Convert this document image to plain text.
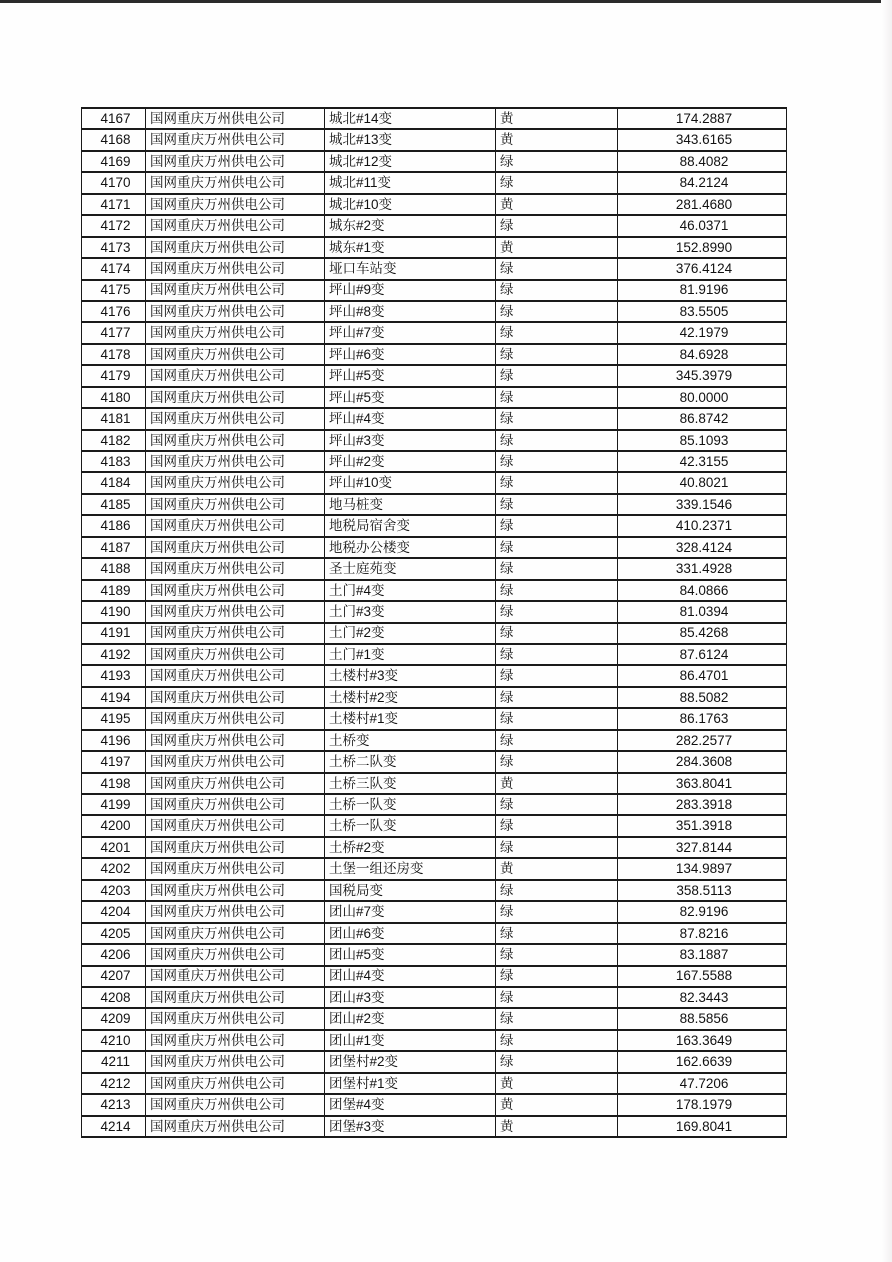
4167	国网重庆万州供电公司	城北#14变	黄	174.2887
4168	国网重庆万州供电公司	城北#13变	黄	343.6165
4169	国网重庆万州供电公司	城北#12变	绿	88.4082
4170	国网重庆万州供电公司	城北#11变	绿	84.2124
4171	国网重庆万州供电公司	城北#10变	黄	281.4680
4172	国网重庆万州供电公司	城东#2变	绿	46.0371
4173	国网重庆万州供电公司	城东#1变	黄	152.8990
4174	国网重庆万州供电公司	垭口车站变	绿	376.4124
4175	国网重庆万州供电公司	坪山#9变	绿	81.9196
4176	国网重庆万州供电公司	坪山#8变	绿	83.5505
4177	国网重庆万州供电公司	坪山#7变	绿	42.1979
4178	国网重庆万州供电公司	坪山#6变	绿	84.6928
4179	国网重庆万州供电公司	坪山#5变	绿	345.3979
4180	国网重庆万州供电公司	坪山#5变	绿	80.0000
4181	国网重庆万州供电公司	坪山#4变	绿	86.8742
4182	国网重庆万州供电公司	坪山#3变	绿	85.1093
4183	国网重庆万州供电公司	坪山#2变	绿	42.3155
4184	国网重庆万州供电公司	坪山#10变	绿	40.8021
4185	国网重庆万州供电公司	地马桩变	绿	339.1546
4186	国网重庆万州供电公司	地税局宿舍变	绿	410.2371
4187	国网重庆万州供电公司	地税办公楼变	绿	328.4124
4188	国网重庆万州供电公司	圣士庭苑变	绿	331.4928
4189	国网重庆万州供电公司	土门#4变	绿	84.0866
4190	国网重庆万州供电公司	土门#3变	绿	81.0394
4191	国网重庆万州供电公司	土门#2变	绿	85.4268
4192	国网重庆万州供电公司	土门#1变	绿	87.6124
4193	国网重庆万州供电公司	土楼村#3变	绿	86.4701
4194	国网重庆万州供电公司	土楼村#2变	绿	88.5082
4195	国网重庆万州供电公司	土楼村#1变	绿	86.1763
4196	国网重庆万州供电公司	土桥变	绿	282.2577
4197	国网重庆万州供电公司	土桥二队变	绿	284.3608
4198	国网重庆万州供电公司	土桥三队变	黄	363.8041
4199	国网重庆万州供电公司	土桥一队变	绿	283.3918
4200	国网重庆万州供电公司	土桥一队变	绿	351.3918
4201	国网重庆万州供电公司	土桥#2变	绿	327.8144
4202	国网重庆万州供电公司	土堡一组还房变	黄	134.9897
4203	国网重庆万州供电公司	国税局变	绿	358.5113
4204	国网重庆万州供电公司	团山#7变	绿	82.9196
4205	国网重庆万州供电公司	团山#6变	绿	87.8216
4206	国网重庆万州供电公司	团山#5变	绿	83.1887
4207	国网重庆万州供电公司	团山#4变	绿	167.5588
4208	国网重庆万州供电公司	团山#3变	绿	82.3443
4209	国网重庆万州供电公司	团山#2变	绿	88.5856
4210	国网重庆万州供电公司	团山#1变	绿	163.3649
4211	国网重庆万州供电公司	团堡村#2变	绿	162.6639
4212	国网重庆万州供电公司	团堡村#1变	黄	47.7206
4213	国网重庆万州供电公司	团堡#4变	黄	178.1979
4214	国网重庆万州供电公司	团堡#3变	黄	169.8041
